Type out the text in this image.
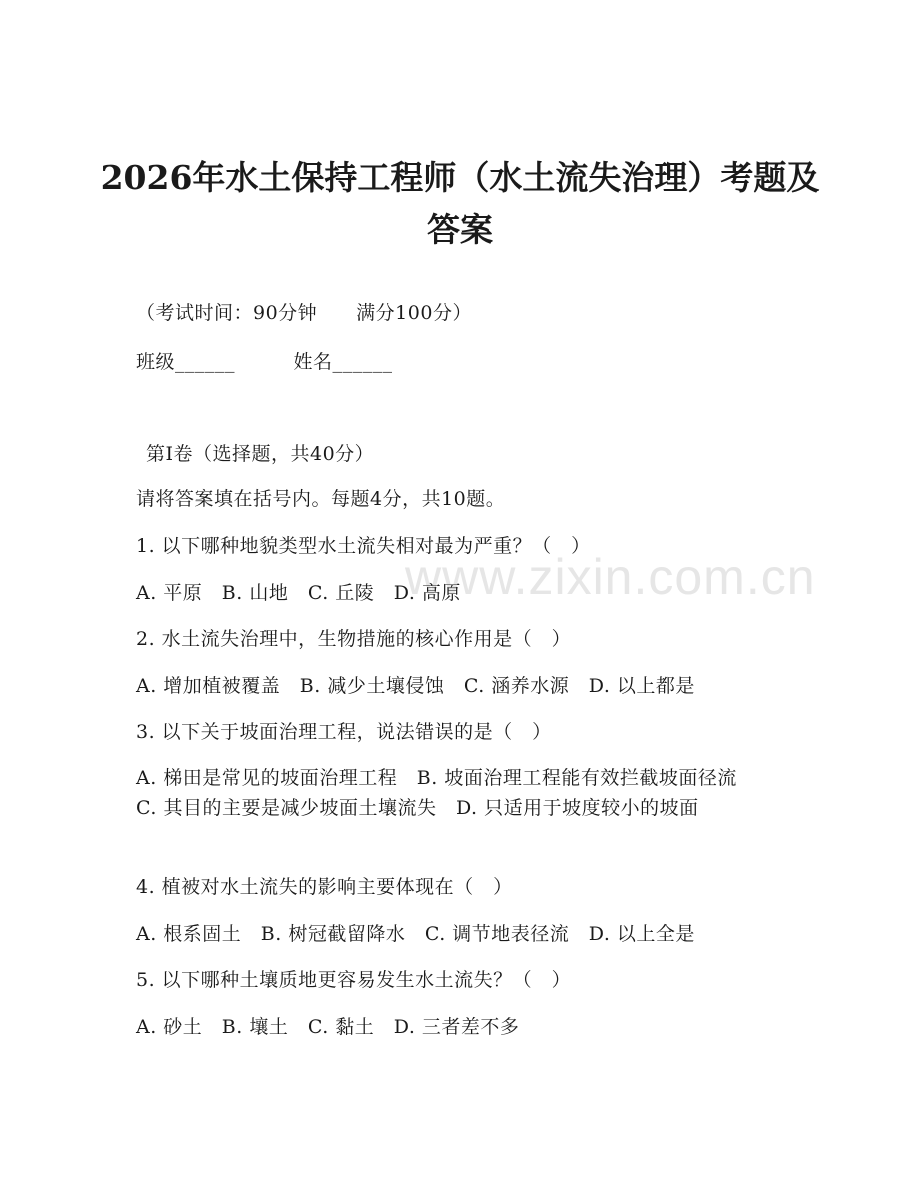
www.zixin.com.cn
2026年水土保持工程师（水土流失治理）考题及答案
（考试时间：90分钟　　满分100分）
班级______　　　姓名______
第Ⅰ卷（选择题，共40分）
请将答案填在括号内。每题4分，共10题。
1. 以下哪种地貌类型水土流失相对最为严重？（　）
A. 平原　B. 山地　C. 丘陵　D. 高原
2. 水土流失治理中，生物措施的核心作用是（　）
A. 增加植被覆盖　B. 减少土壤侵蚀　C. 涵养水源　D. 以上都是
3. 以下关于坡面治理工程，说法错误的是（　）
A. 梯田是常见的坡面治理工程　B. 坡面治理工程能有效拦截坡面径流　C. 其目的主要是减少坡面土壤流失　D. 只适用于坡度较小的坡面
4. 植被对水土流失的影响主要体现在（　）
A. 根系固土　B. 树冠截留降水　C. 调节地表径流　D. 以上全是
5. 以下哪种土壤质地更容易发生水土流失？（　）
A. 砂土　B. 壤土　C. 黏土　D. 三者差不多
